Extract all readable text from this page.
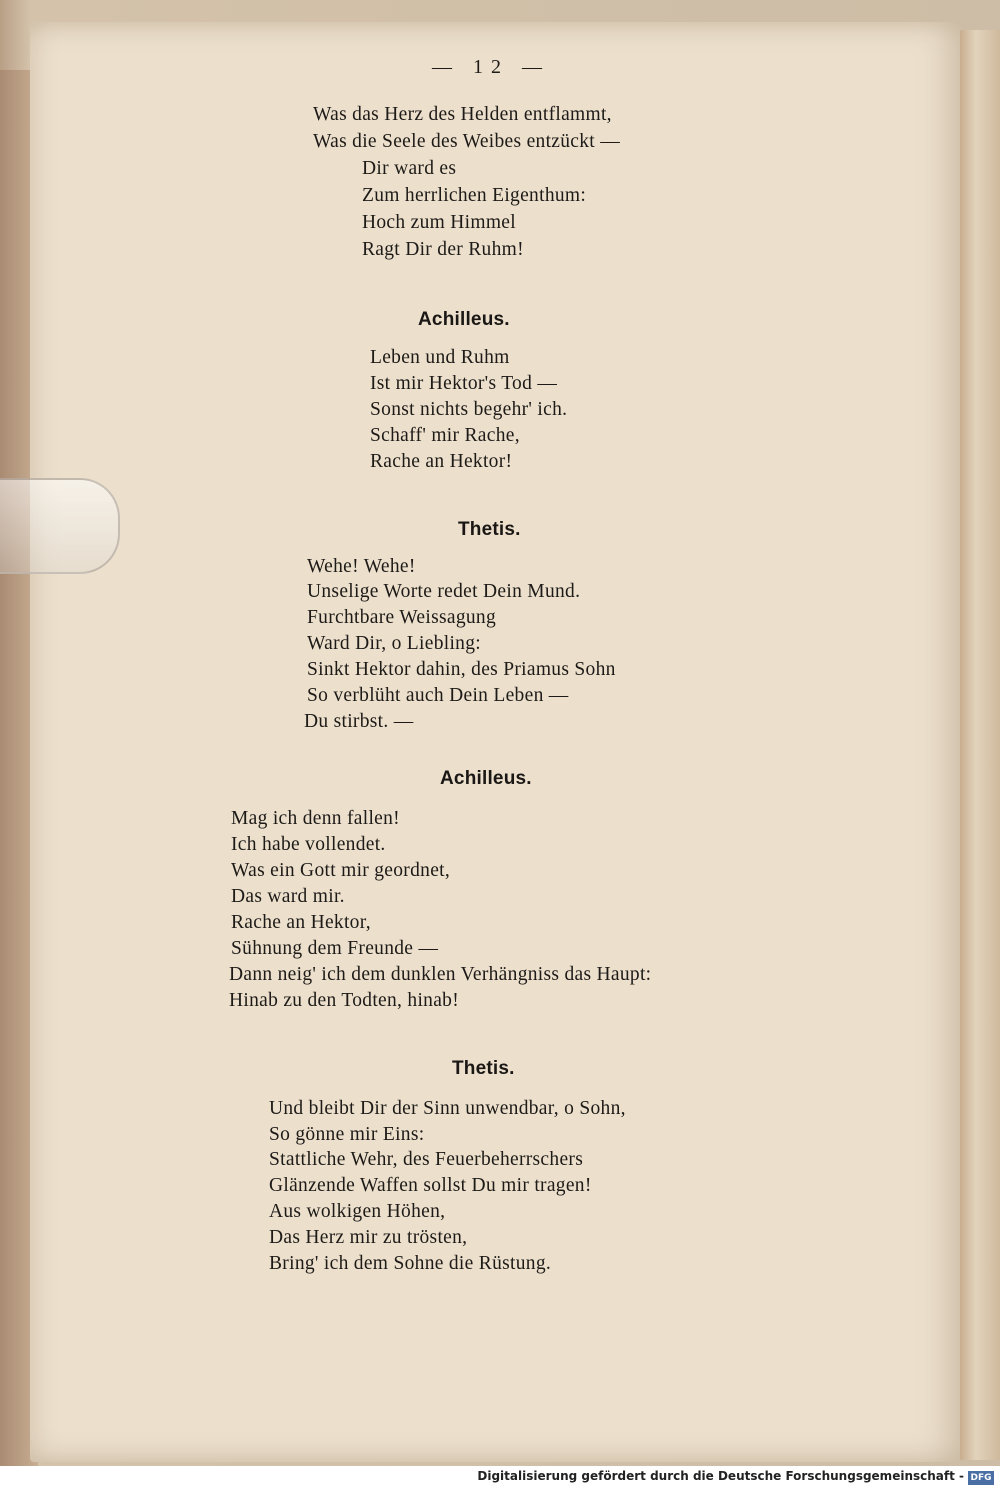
— 12 —
Was das Herz des Helden entflammt,
Was die Seele des Weibes entzückt —
Dir ward es
Zum herrlichen Eigenthum:
Hoch zum Himmel
Ragt Dir der Ruhm!
Achilleus.
Leben und Ruhm
Ist mir Hektor's Tod —
Sonst nichts begehr' ich.
Schaff' mir Rache,
Rache an Hektor!
Thetis.
Wehe! Wehe!
Unselige Worte redet Dein Mund.
Furchtbare Weissagung
Ward Dir, o Liebling:
Sinkt Hektor dahin, des Priamus Sohn
So verblüht auch Dein Leben —
Du stirbst. —
Achilleus.
Mag ich denn fallen!
Ich habe vollendet.
Was ein Gott mir geordnet,
Das ward mir.
Rache an Hektor,
Sühnung dem Freunde —
Dann neig' ich dem dunklen Verhängniss das Haupt:
Hinab zu den Todten, hinab!
Thetis.
Und bleibt Dir der Sinn unwendbar, o Sohn,
So gönne mir Eins:
Stattliche Wehr, des Feuerbeherrschers
Glänzende Waffen sollst Du mir tragen!
Aus wolkigen Höhen,
Das Herz mir zu trösten,
Bring' ich dem Sohne die Rüstung.
Digitalisierung gefördert durch die Deutsche Forschungsgemeinschaft - DFG
